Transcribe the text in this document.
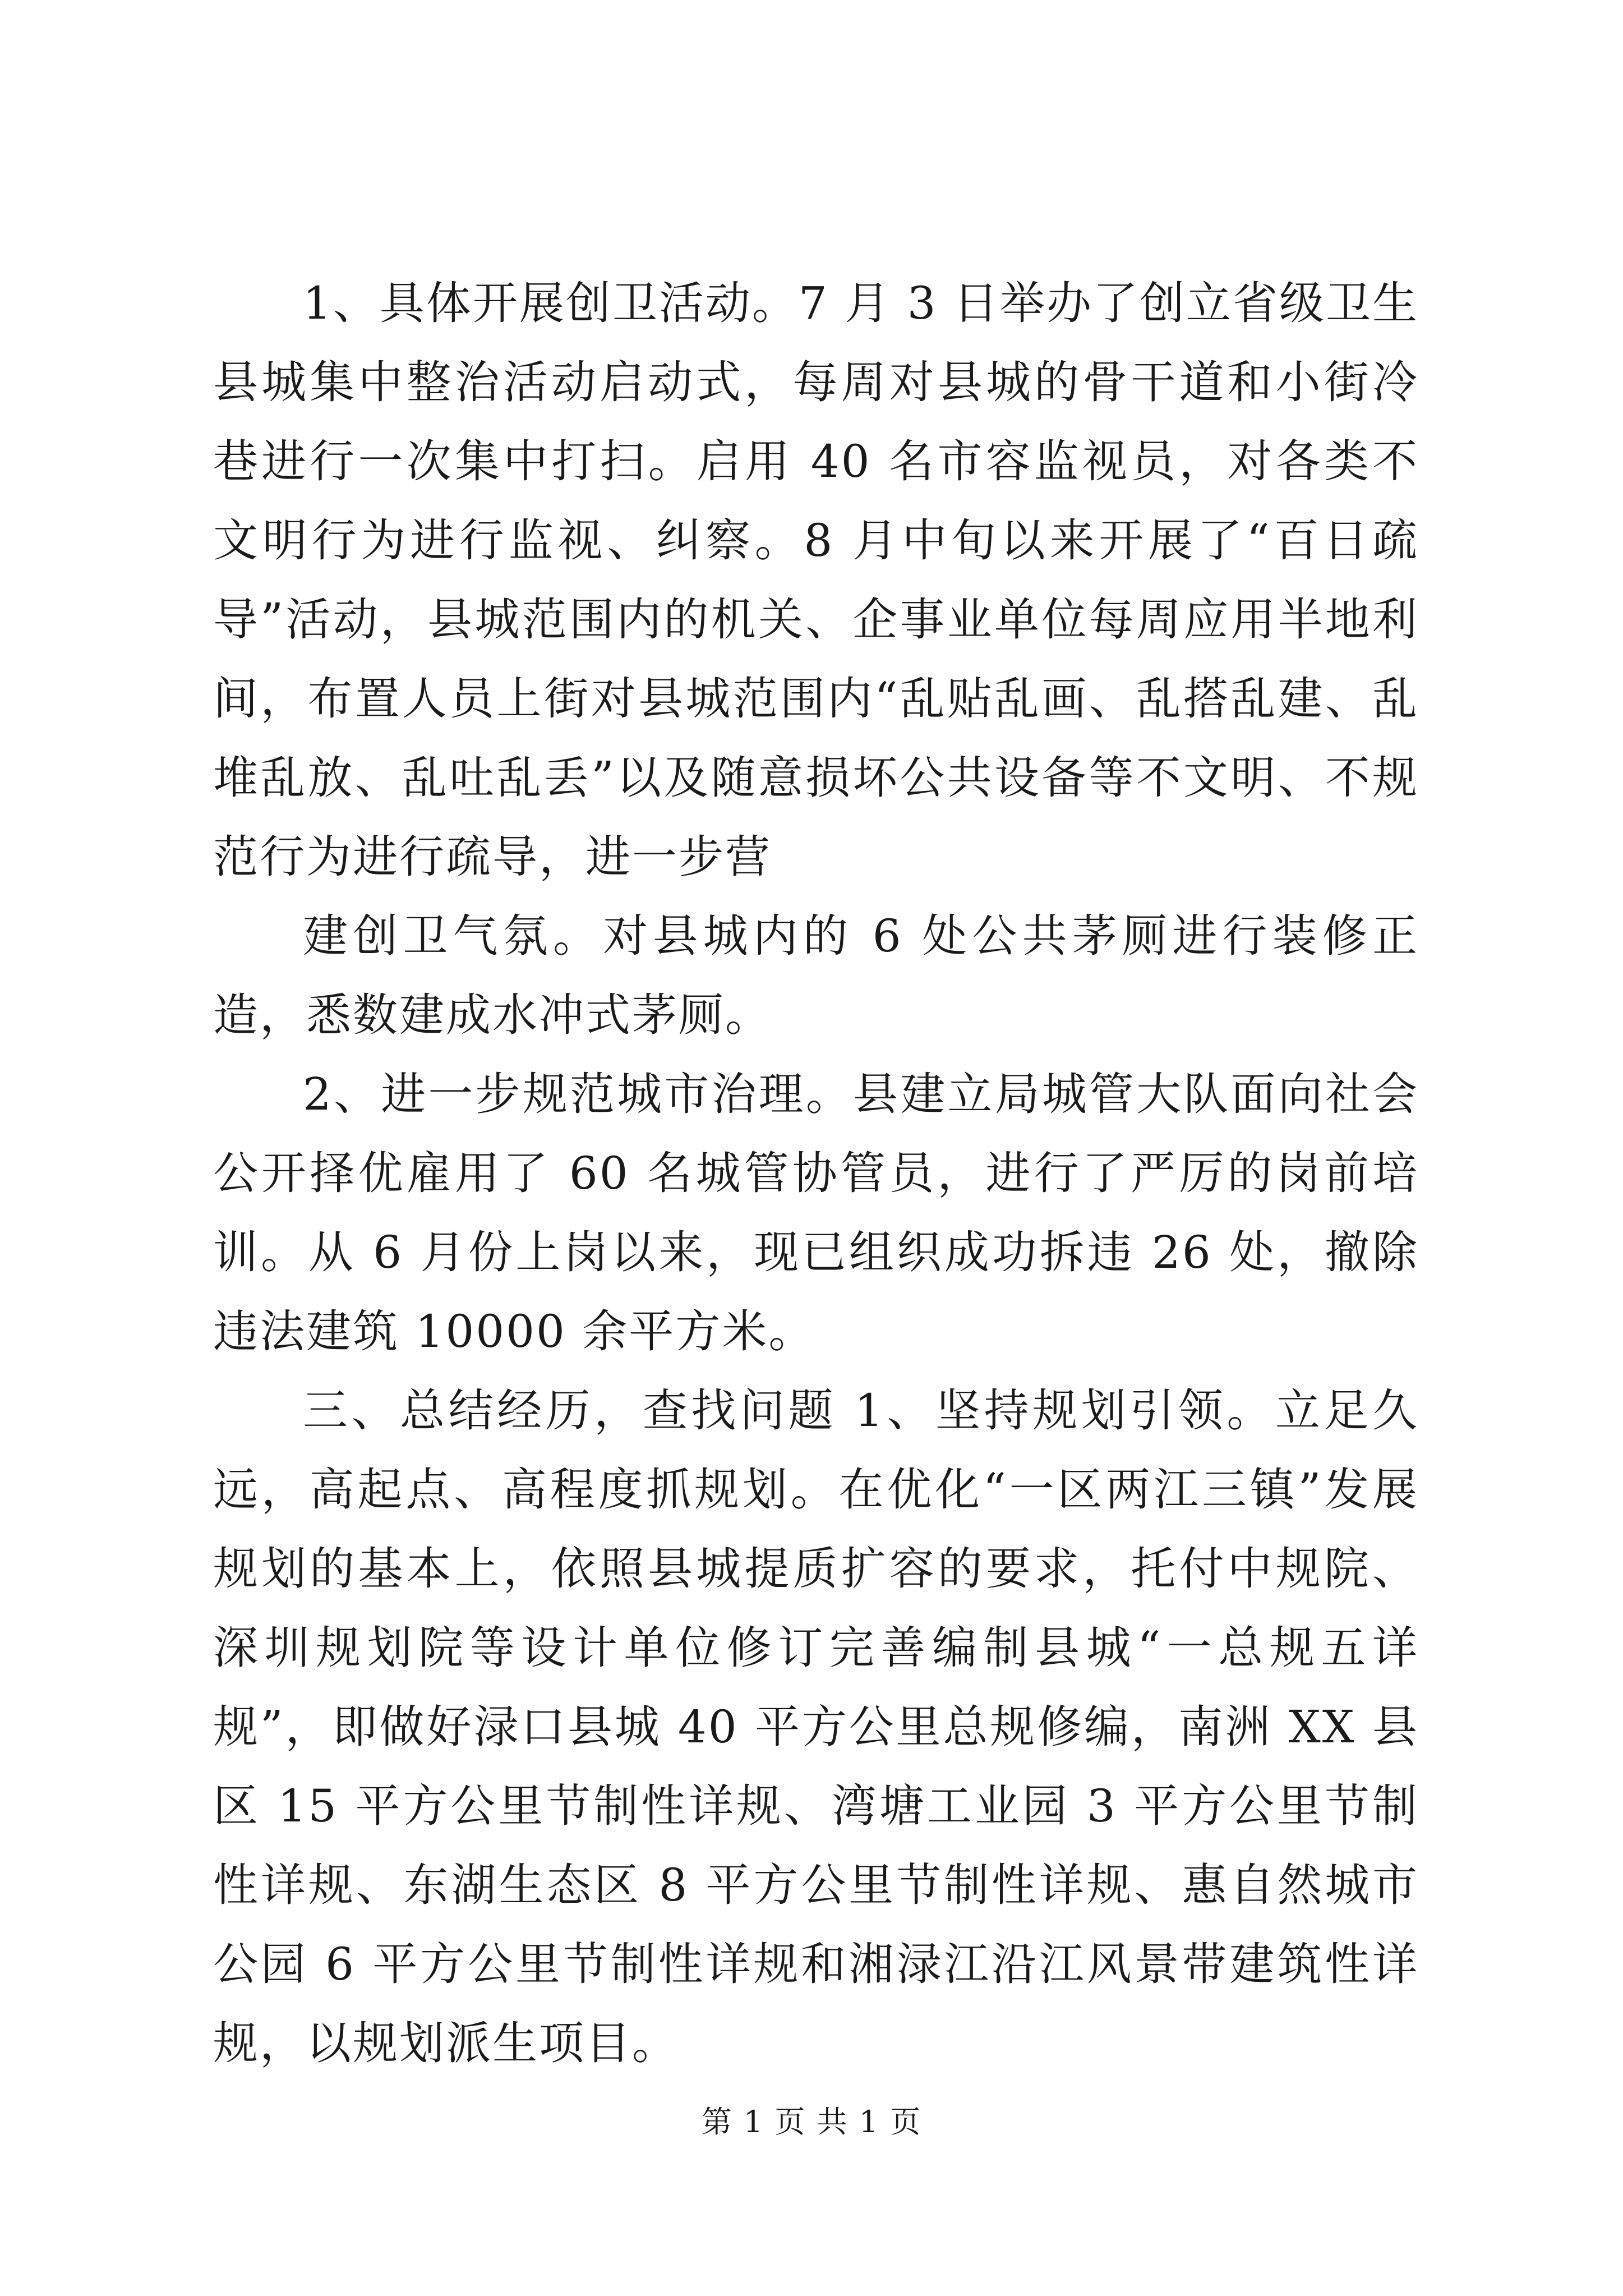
1、具体开展创卫活动。7 月 3 日举办了创立省级卫生县城集中整治活动启动式，每周对县城的骨干道和小街冷巷进行一次集中打扫。启用 40 名市容监视员，对各类不文明行为进行监视、纠察。8 月中旬以来开展了“百日疏导”活动，县城范围内的机关、企事业单位每周应用半地利间，布置人员上街对县城范围内“乱贴乱画、乱搭乱建、乱堆乱放、乱吐乱丢”以及随意损坏公共设备等不文明、不规范行为进行疏导，进一步营

建创卫气氛。对县城内的 6 处公共茅厕进行装修正造，悉数建成水冲式茅厕。

2、进一步规范城市治理。县建立局城管大队面向社会公开择优雇用了 60 名城管协管员，进行了严厉的岗前培训。从 6 月份上岗以来，现已组织成功拆违 26 处，撤除违法建筑 10000 余平方米。

三、总结经历，查找问题 1、坚持规划引领。立足久远，高起点、高程度抓规划。在优化“一区两江三镇”发展规划的基本上，依照县城提质扩容的要求，托付中规院、深圳规划院等设计单位修订完善编制县城“一总规五详规”，即做好渌口县城 40 平方公里总规修编，南洲 XX 县区 15 平方公里节制性详规、湾塘工业园 3 平方公里节制性详规、东湖生态区 8 平方公里节制性详规、惠自然城市公园 6 平方公里节制性详规和湘渌江沿江风景带建筑性详规，以规划派生项目。

第 1 页 共 1 页
